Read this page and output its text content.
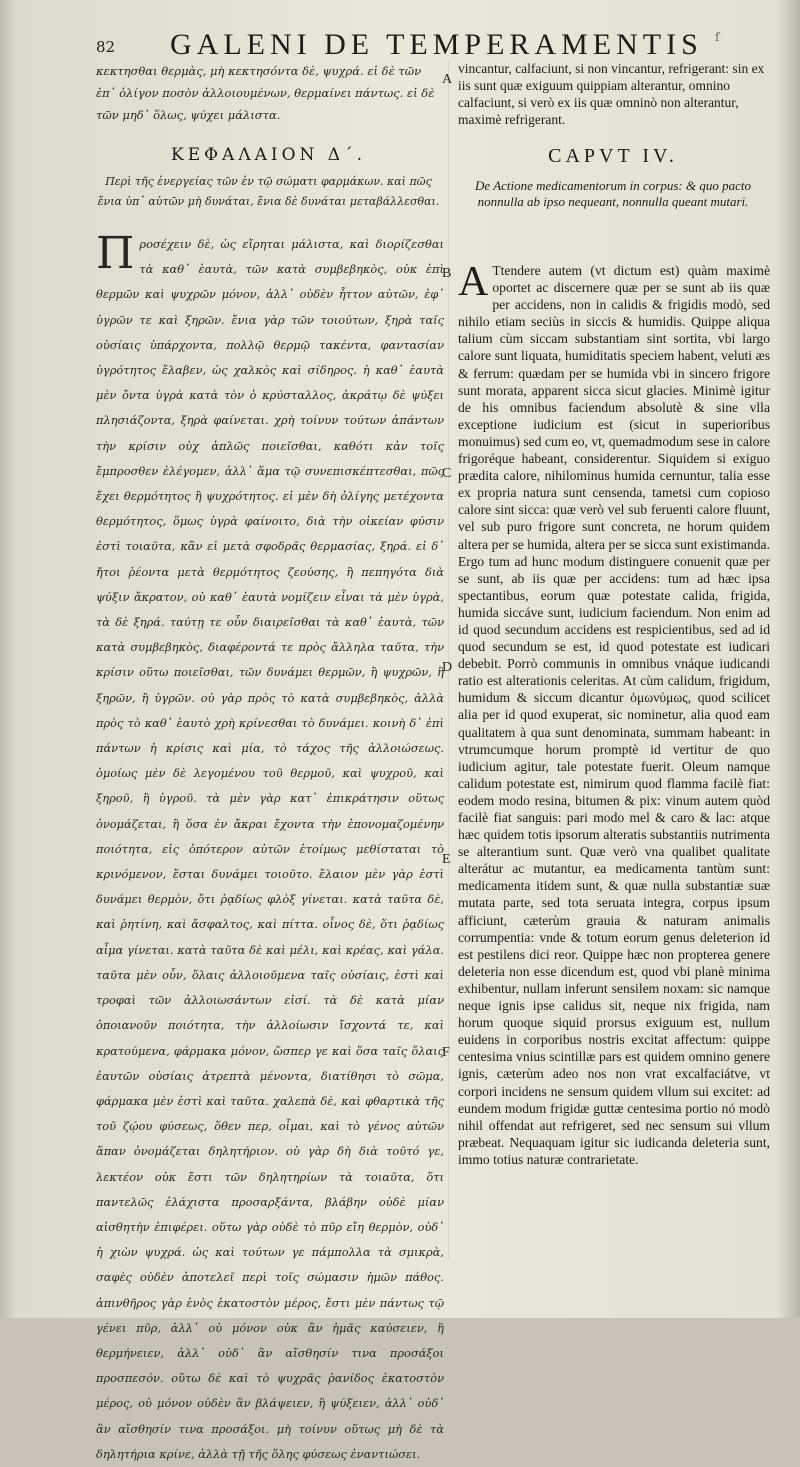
82 GALENI DE TEMPERAMENTIS f
κεκτησθαι θερμὰς, μὴ κεκτησόντα δὲ, ψυχρά. εἰ δὲ τῶν ἐπ᾽ ὀλίγον ποσὸν ἀλλοιουμένων, θερμαίνει πάντως. εἰ δὲ τῶν μηδ᾽ ὅλως, ψύχει μάλιστα.
vincantur, calfaciunt, si non vincantur, refrigerant: sin ex iis sunt quæ exiguum quippiam alterantur, omnino calfaciunt, si verò ex iis quæ omninò non alterantur, maximè refrigerant.
ΚΕΦΑΛΑΙΟΝ Δ΄.	CAPVT IV.
Περὶ τῆς ἐνεργείας τῶν ἐν τῷ σώματι φαρμάκων. καὶ πῶς ἔνια ὑπ᾽ αὐτῶν μὴ δυνάται, ἔνια δὲ δυνάται μεταβάλλεσθαι.
De Actione medicamentorum in corpus: & quo pacto nonnulla ab ipso nequeant, nonnulla queant mutari.
Π ροσέχειν δὲ, ὡς εἴρηται μάλιστα, καὶ διορίζεσθαι τὰ καθ᾽ ἑαυτὰ, τῶν κατὰ συμβεβηκὸς, οὐκ ἐπὶ θερμῶν καὶ ψυχρῶν μόνον, ἀλλ᾽ οὐδὲν ἧττον αὐτῶν, ἐφ᾽ ὑγρῶν τε καὶ ξηρῶν. ἔνια γὰρ τῶν τοιούτων, ξηρὰ ταῖς οὐσίαις ὑπάρχοντα, πολλῷ θερμῷ τακέντα, φαντασίαν ὑγρότητος ἔλαβεν, ὡς χαλκὸς καὶ σίδηρος. ἡ καθ᾽ ἑαυτὰ μὲν ὄντα ὑγρὰ κατὰ τὸν ὁ κρύσταλλος, ἀκράτῳ δὲ ψύξει πλησιάζοντα, ξηρὰ φαίνεται. χρὴ τοίνυν τούτων ἁπάντων τὴν κρίσιν οὐχ ἁπλῶς ποιεῖσθαι, καθότι κἀν τοῖς ἔμπροσθεν ἐλέγομεν, ἀλλ᾽ ἅμα τῷ συνεπισκέπτεσθαι, πῶς ἔχει θερμότητος ἢ ψυχρότητος. εἰ μὲν δὴ ὀλίγης μετέχοντα θερμότητος, ὅμως ὑγρὰ φαίνοιτο, διὰ τὴν οἰκείαν φύσιν ἐστὶ τοιαῦτα, κἂν εἰ μετὰ σφοδρᾶς θερμασίας, ξηρά. εἰ δ᾽ ἤτοι ῥέοντα μετὰ θερμότητος ζεούσης, ἢ πεπηγότα διὰ ψύξιν ἄκρατον, οὐ καθ᾽ ἑαυτὰ νομίζειν εἶναι τὰ μὲν ὑγρὰ, τὰ δὲ ξηρά. ταύτῃ τε οὖν διαιρεῖσθαι τὰ καθ᾽ ἑαυτὰ, τῶν κατὰ συμβεβηκὸς, διαφέροντά τε πρὸς ἄλληλα ταῦτα, τὴν κρίσιν οὕτω ποιεῖσθαι, τῶν δυνάμει θερμῶν, ἢ ψυχρῶν, ἢ ξηρῶν, ἢ ὑγρῶν. οὐ γὰρ πρὸς τὸ κατὰ συμβεβηκὸς, ἀλλὰ πρὸς τὸ καθ᾽ ἑαυτὸ χρὴ κρίνεσθαι τὸ δυνάμει. κοινὴ δ᾽ ἐπὶ πάντων ἡ κρίσις καὶ μία, τὸ τάχος τῆς ἀλλοιώσεως. ὁμοίως μὲν δὲ λεγομένου τοῦ θερμοῦ, καὶ ψυχροῦ, καὶ ξηροῦ, ἢ ὑγροῦ. τὰ μὲν γὰρ κατ᾽ ἐπικράτησιν οὕτως ὀνομάζεται, ἢ ὅσα ἐν ἄκραι ἔχοντα τὴν ἐπονομαζομένην ποιότητα, εἰς ὁπότερον αὐτῶν ἑτοίμως μεθίσταται τὸ κρινόμενον, ἔσται δυνάμει τοιοῦτο. ἔλαιον μὲν γὰρ ἐστὶ δυνάμει θερμὸν, ὅτι ῥᾳδίως φλὸξ γίνεται. κατὰ ταῦτα δὲ, καὶ ῥητίνη, καὶ ἄσφαλτος, καὶ πίττα. οἶνος δὲ, ὅτι ῥᾳδίως αἷμα γίνεται. κατὰ ταῦτα δὲ καὶ μέλι, καὶ κρέας, καὶ γάλα. ταῦτα μὲν οὖν, ὅλαις ἀλλοιοῦμενα ταῖς οὐσίαις, ἐστὶ καὶ τροφαὶ τῶν ἀλλοιωσάντων εἰσί. τὰ δὲ κατὰ μίαν ὁποιανοῦν ποιότητα, τὴν ἀλλοίωσιν ἴσχοντά τε, καὶ κρατούμενα, φάρμακα μόνον, ὥσπερ γε καὶ ὅσα ταῖς ὅλαις ἑαυτῶν οὐσίαις ἀτρεπτὰ μένοντα, διατίθησι τὸ σῶμα, φάρμακα μὲν ἐστὶ καὶ ταῦτα. χαλεπὰ δὲ, καὶ φθαρτικὰ τῆς τοῦ ζῴου φύσεως, ὅθεν περ, οἶμαι, καὶ τὸ γένος αὐτῶν ἅπαν ὀνομάζεται δηλητήριον. οὐ γὰρ δὴ διὰ τοῦτό γε, λεκτέον οὐκ ἔστι τῶν δηλητηρίων τὰ τοιαῦτα, ὅτι παντελῶς ἐλάχιστα προσαρξάντα, βλάβην οὐδὲ μίαν αἰσθητὴν ἐπιφέρει. οὕτω γὰρ οὐδὲ τὸ πῦρ εἴη θερμὸν, οὐδ᾽ ἡ χιὼν ψυχρά. ὡς καὶ τούτων γε πάμπολλα τὰ σμικρὰ, σαφὲς οὐδὲν ἀποτελεῖ περὶ τοῖς σώμασιν ἡμῶν πάθος. ἀπινθῆρος γὰρ ἑνὸς ἑκατοστὸν μέρος, ἔστι μὲν πάντως τῷ γένει πῦρ, ἀλλ᾽ οὐ μόνον οὐκ ἂν ἡμᾶς καύσειεν, ἢ θερμήνειεν, ἀλλ᾽ οὐδ᾽ ἂν αἴσθησίν τινα προσάξοι προσπεσόν. οὕτω δὲ καὶ τὸ ψυχρᾶς ῥανίδος ἑκατοστὸν μέρος, οὐ μόνον οὐδὲν ἂν βλάψειεν, ἢ ψύξειεν, ἀλλ᾽ οὐδ᾽ ἂν αἴσθησίν τινα προσάξοι. μὴ τοίνυν οὕτως μὴ δὲ τὰ δηλητήρια κρίνε, ἀλλὰ τῇ τῆς ὅλης φύσεως ἐναντιώσει.
A Ttendere autem (vt dictum est) quàm maximè oportet ac discernere quæ per se sunt ab iis quæ per accidens, non in calidis & frigidis modò, sed nihilo etiam seciùs in siccis & humidis. Quippe aliqua talium cùm siccam substantiam sint sortita, vbi largo calore sunt liquata, humiditatis speciem habent, veluti æs & ferrum: quædam per se humida vbi in sincero frigore sunt morata, apparent sicca sicut glacies. Minimè igitur de his omnibus faciendum absolutè & sine vlla exceptione iudicium est (sicut in superioribus monuimus) sed cum eo, vt, quemadmodum sese in calore frigoréque habeant, considerentur. Siquidem si exiguo præditа calore, nihilominus humida cernuntur, talia esse ex propria natura sunt censenda, tametsi cum copioso calore sint sicca: quæ verò vel sub feruenti calore fluunt, vel sub puro frigore sunt concreta, ne horum quidem altera per se humida, altera per se sicca sunt existimanda. Ergo tum ad hunc modum distinguere conuenit quæ per se sunt, ab iis quæ per accidens: tum ad hæc ipsa spectantibus, eorum quæ potestate calida, frigida, humida siccáve sunt, iudicium faciendum. Non enim ad id quod secundum accidens est respicientibus, sed ad id quod secundum se est, id quod potestate est iudicari debebit. Porrò communis in omnibus vnáque iudicandi ratio est alterationis celeritas. At cùm calidum, frigidum, humidum & siccum dicantur ὁμωνύμως, quod scilicet alia per id quod exuperat, sic nominetur, alia quod eam qualitatem à qua sunt denominata, summam habeant: in vtrumcumque horum promptè id vertitur de quo iudicium agitur, tale potestate fuerit. Oleum namque calidum potestate est, nimirum quod flamma facilè fiat: eodem modo resina, bitumen & pix: vinum autem quòd facilè fiat sanguis: pari modo mel & caro & lac: atque hæc quidem totis ipsorum alteratis substantiis nutrimenta se alterantium sunt. Quæ verò vna qualibet qualitate alterátur ac mutantur, ea medicamenta tantùm sunt: medicamenta itidem sunt, & quæ nulla substantiæ suæ mutata parte, sed tota seruata integra, corpus ipsum afficiunt, cæterùm grauia & naturam animalis corrumpentia: vnde & totum eorum genus deleterion id est pestilens dici reor. Quippe hæc non propterea genere deleteria non esse dicendum est, quod vbi planè minima exhibentur, nullam inferunt sensilem noxam: sic namque neque ignis ipse calidus sit, neque nix frigida, nam horum quoque siquid prorsus exiguum est, nullum euidens in corporibus nostris excitat affectum: quippe centesima vnius scintillæ pars est quidem omnino genere ignis, cæterùm adeo nos non vrat excalfaciátve, vt corpori incidens ne sensum quidem vllum sui excitet: ad eundem modum frigidæ guttæ centesima portio nó modò nihil offendat aut refrigeret, sed nec sensum sui vllum præbeat. Nequaquam igitur sic iudicanda deleteria sunt, immo totius naturæ contrarietate.
A
B
C
D
E
F
